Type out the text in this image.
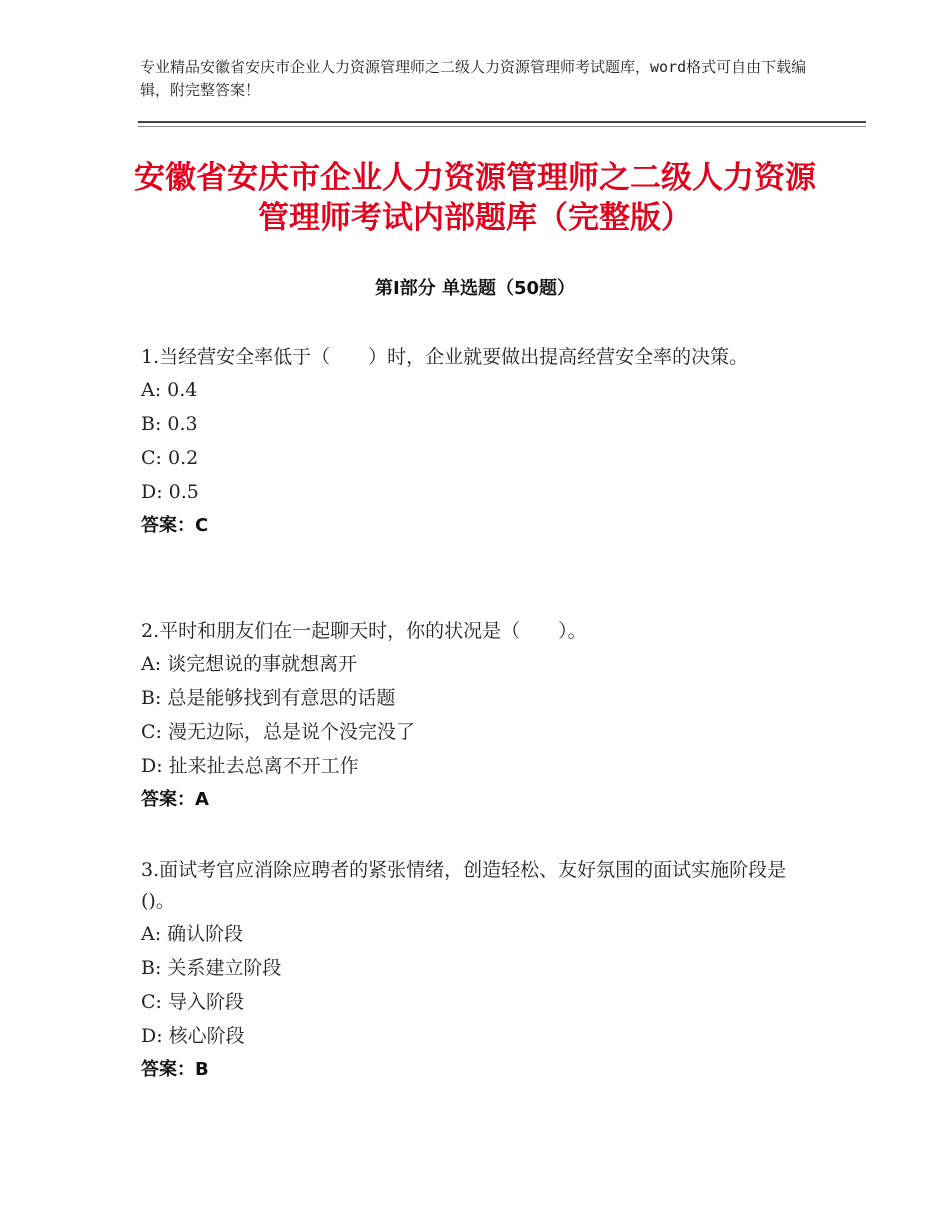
专业精品安徽省安庆市企业人力资源管理师之二级人力资源管理师考试题库，word格式可自由下载编辑，附完整答案！
安徽省安庆市企业人力资源管理师之二级人力资源管理师考试内部题库（完整版）
第Ⅰ部分 单选题（50题）

1.当经营安全率低于（　　）时，企业就要做出提高经营安全率的决策。

A: 0.4

B: 0.3

C: 0.2

D: 0.5

答案：C

2.平时和朋友们在一起聊天时，你的状况是（　　）。

A: 谈完想说的事就想离开

B: 总是能够找到有意思的话题

C: 漫无边际，总是说个没完没了

D: 扯来扯去总离不开工作

答案：A

3.面试考官应消除应聘者的紧张情绪，创造轻松、友好氛围的面试实施阶段是()。

A: 确认阶段

B: 关系建立阶段

C: 导入阶段

D: 核心阶段

答案：B
